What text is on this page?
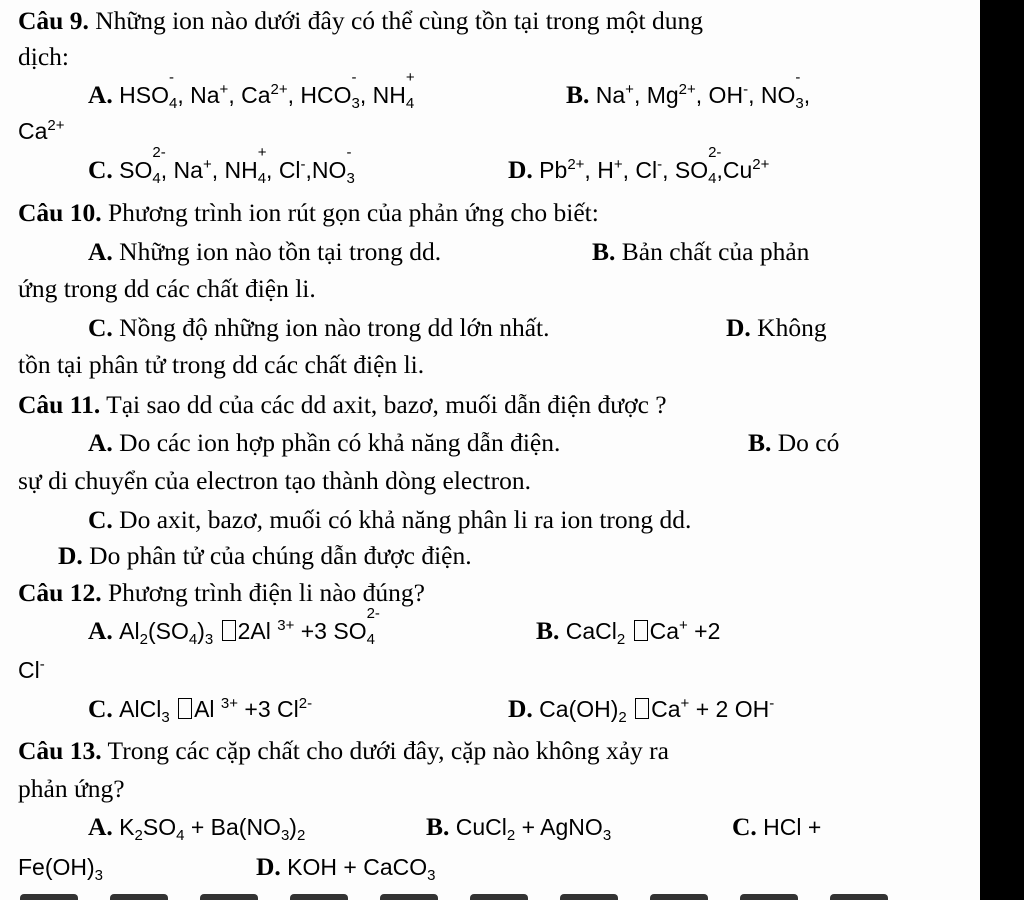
Câu 9. Những ion nào dưới đây có thể cùng tồn tại trong một dung
dịch:
A. HSO
-
4, Na+, $Ca^{2+}$, HCO
-
3, NH
+
4	B. Na+, $Mg^{2+}$, OH-, NO
-
3,
$Ca^{2+}$
C. SO
2-
4, Na+, NH
+
4, Cl-,NO
-
3	D. $Pb^{2+}$, H+, Cl-, SO
2-
$4,Cu^{2+}$
Câu 10. Phương trình ion rút gọn của phản ứng cho biết:
A. Những ion nào tồn tại trong dd.	B. Bản chất của phản
ứng trong dd các chất điện li.
C. Nồng độ những ion nào trong dd lớn nhất.	D. Không
tồn tại phân tử trong dd các chất điện li.
Câu 11. Tại sao dd của các dd axit, bazơ, muối dẫn điện được ?
A. Do các ion hợp phần có khả năng dẫn điện.	B. Do có
sự di chuyển của electron tạo thành dòng electron.
C. Do axit, bazơ, muối có khả năng phân li ra ion trong dd.
D. Do phân tử của chúng dẫn được điện.
Câu 12. Phương trình điện li nào đúng?
A. $Al_2(SO_4)_3$ 2Al $^{3+}$ +3 SO
2-
4	B. CaCl$_2$ Ca+ +2
Cl-
C. AlCl$_3$ Al $^{3+}$ +3 $Cl^{2-}$	D. $Ca(OH)_2$ Ca+ + 2 OH-
Câu 13. Trong các cặp chất cho dưới đây, cặp nào không xảy ra
phản ứng?
A. $K_2SO_4 + Ba(NO_3)_2$	B. CuCl$_2$ + AgNO$_3$	C. HCl +
$Fe(OH)_3$	D. KOH + CaCO$_3$
